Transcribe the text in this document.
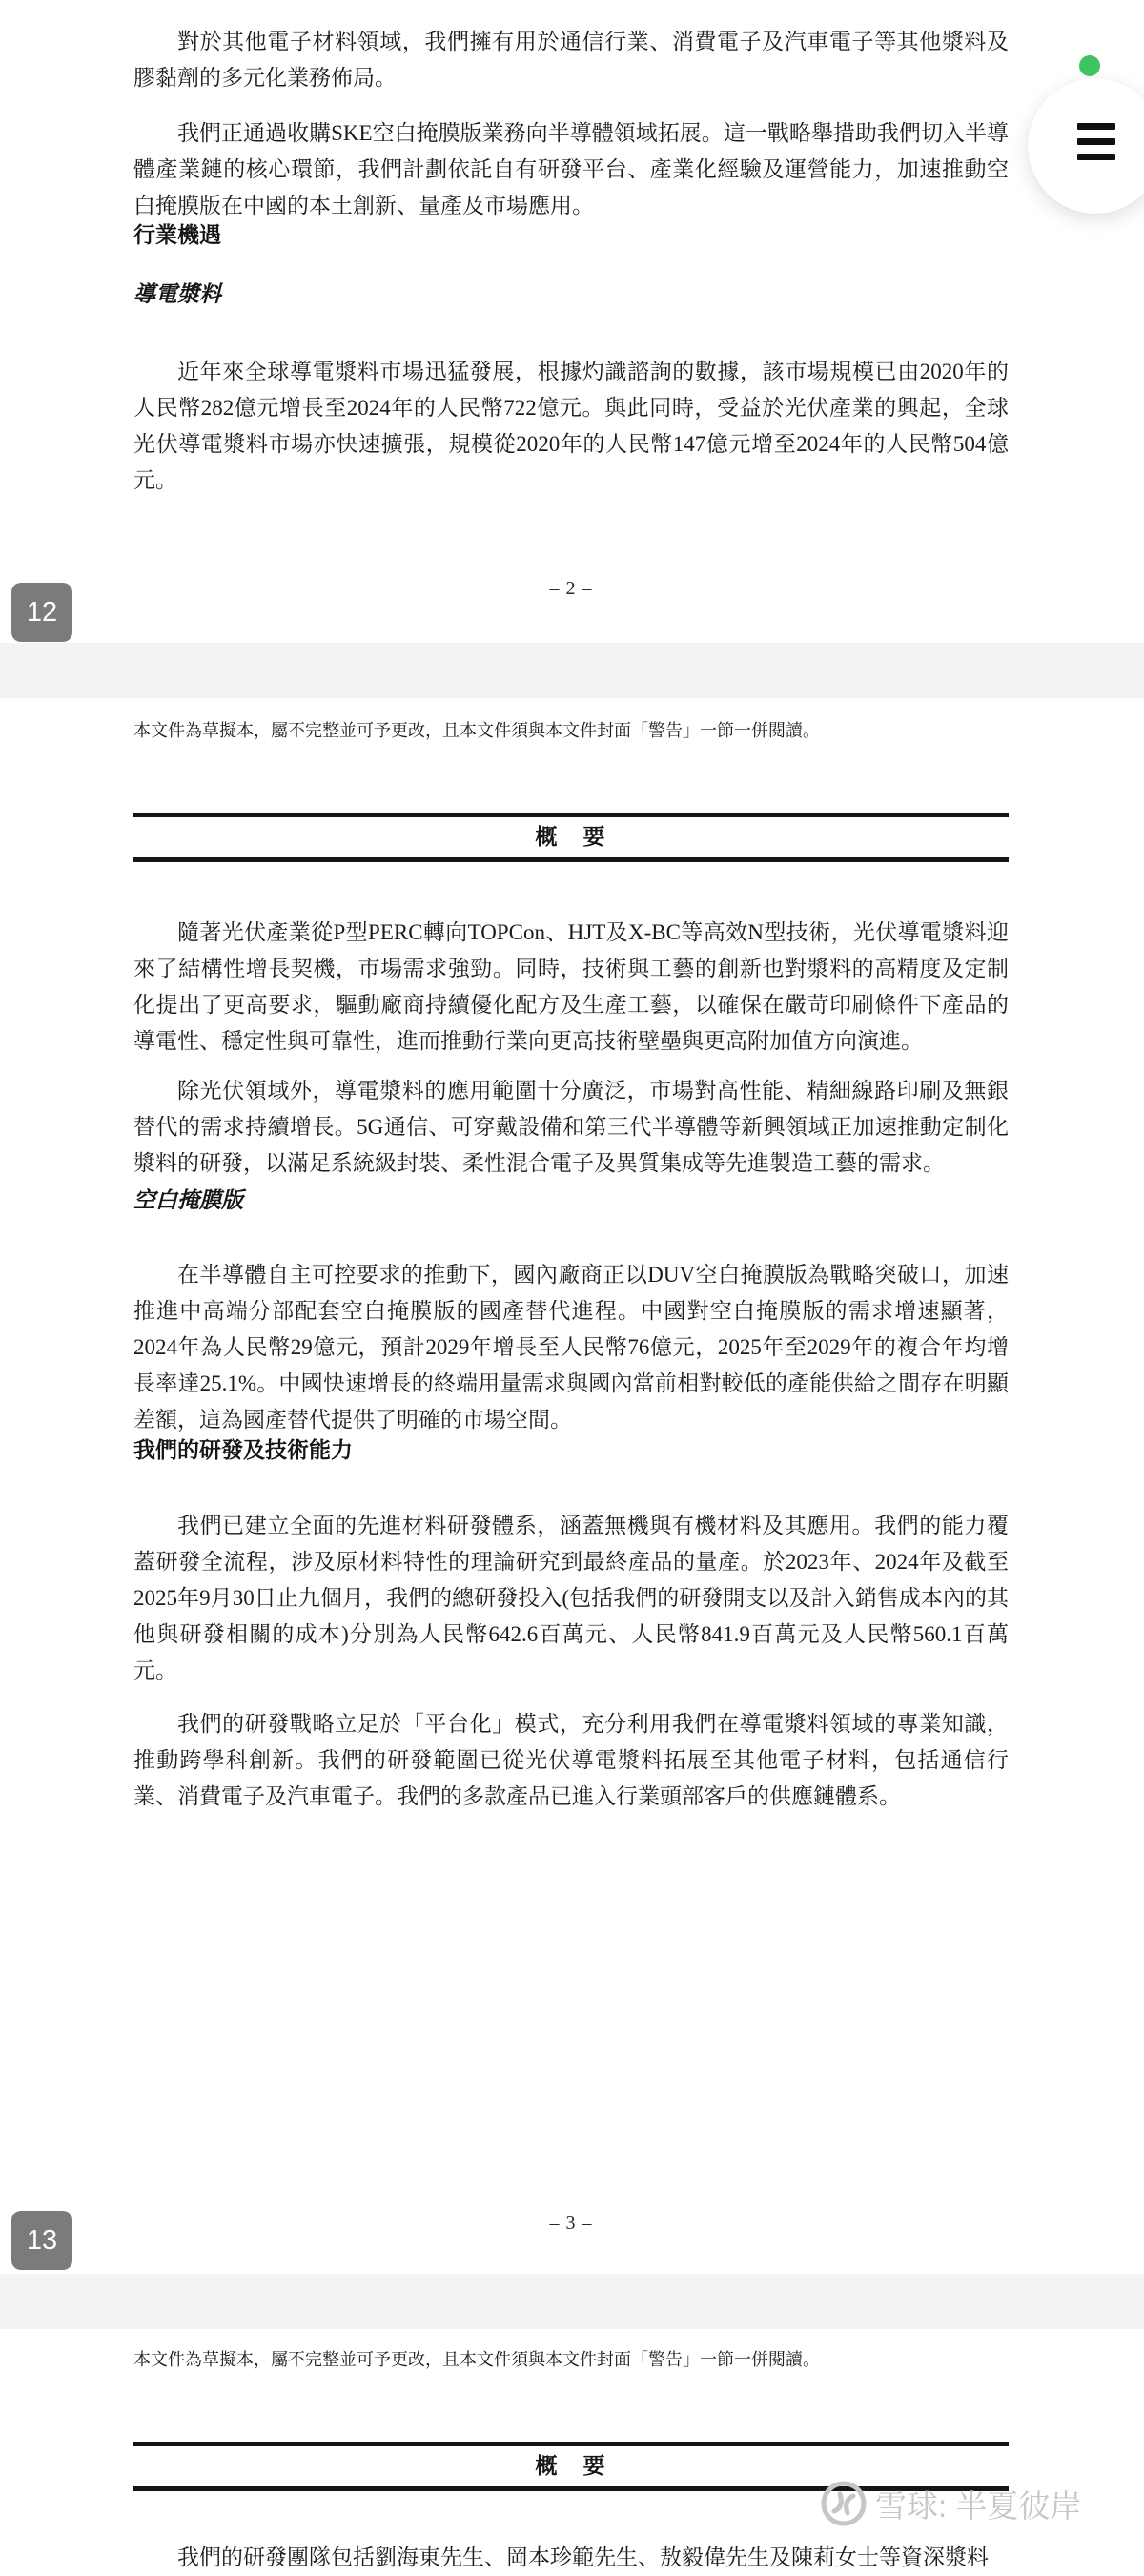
對於其他電子材料領域，我們擁有用於通信行業、消費電子及汽車電子等其他漿料及膠黏劑的多元化業務佈局。

我們正通過收購SKE空白掩膜版業務向半導體領域拓展。這一戰略舉措助我們切入半導體產業鏈的核心環節，我們計劃依託自有研發平台、產業化經驗及運營能力，加速推動空白掩膜版在中國的本土創新、量產及市場應用。

行業機遇
導電漿料

近年來全球導電漿料市場迅猛發展，根據灼識諮詢的數據，該市場規模已由2020年的人民幣282億元增長至2024年的人民幣722億元。與此同時，受益於光伏產業的興起，全球光伏導電漿料市場亦快速擴張，規模從2020年的人民幣147億元增至2024年的人民幣504億元。

– 2 –
12
本文件為草擬本，屬不完整並可予更改，且本文件須與本文件封面「警告」一節一併閱讀。
概　要

隨著光伏產業從P型PERC轉向TOPCon、HJT及X-BC等高效N型技術，光伏導電漿料迎來了結構性增長契機，市場需求強勁。同時，技術與工藝的創新也對漿料的高精度及定制化提出了更高要求，驅動廠商持續優化配方及生產工藝，以確保在嚴苛印刷條件下產品的導電性、穩定性與可靠性，進而推動行業向更高技術壁壘與更高附加值方向演進。

除光伏領域外，導電漿料的應用範圍十分廣泛，市場對高性能、精細線路印刷及無銀替代的需求持續增長。5G通信、可穿戴設備和第三代半導體等新興領域正加速推動定制化漿料的研發，以滿足系統級封裝、柔性混合電子及異質集成等先進製造工藝的需求。

空白掩膜版

在半導體自主可控要求的推動下，國內廠商正以DUV空白掩膜版為戰略突破口，加速推進中高端分部配套空白掩膜版的國產替代進程。中國對空白掩膜版的需求增速顯著，2024年為人民幣29億元，預計2029年增長至人民幣76億元，2025年至2029年的複合年均增長率達25.1%。中國快速增長的終端用量需求與國內當前相對較低的產能供給之間存在明顯差額，這為國產替代提供了明確的市場空間。

我們的研發及技術能力

我們已建立全面的先進材料研發體系，涵蓋無機與有機材料及其應用。我們的能力覆蓋研發全流程，涉及原材料特性的理論研究到最終產品的量產。於2023年、2024年及截至2025年9月30日止九個月，我們的總研發投入(包括我們的研發開支以及計入銷售成本內的其他與研發相關的成本)分別為人民幣642.6百萬元、人民幣841.9百萬元及人民幣560.1百萬元。

我們的研發戰略立足於「平台化」模式，充分利用我們在導電漿料領域的專業知識，推動跨學科創新。我們的研發範圍已從光伏導電漿料拓展至其他電子材料，包括通信行業、消費電子及汽車電子。我們的多款產品已進入行業頭部客戶的供應鏈體系。

– 3 –
13
本文件為草擬本，屬不完整並可予更改，且本文件須與本文件封面「警告」一節一併閱讀。
概　要

我們的研發團隊包括劉海東先生、岡本珍範先生、敖毅偉先生及陳莉女士等資深漿料

雪球: 半夏彼岸
